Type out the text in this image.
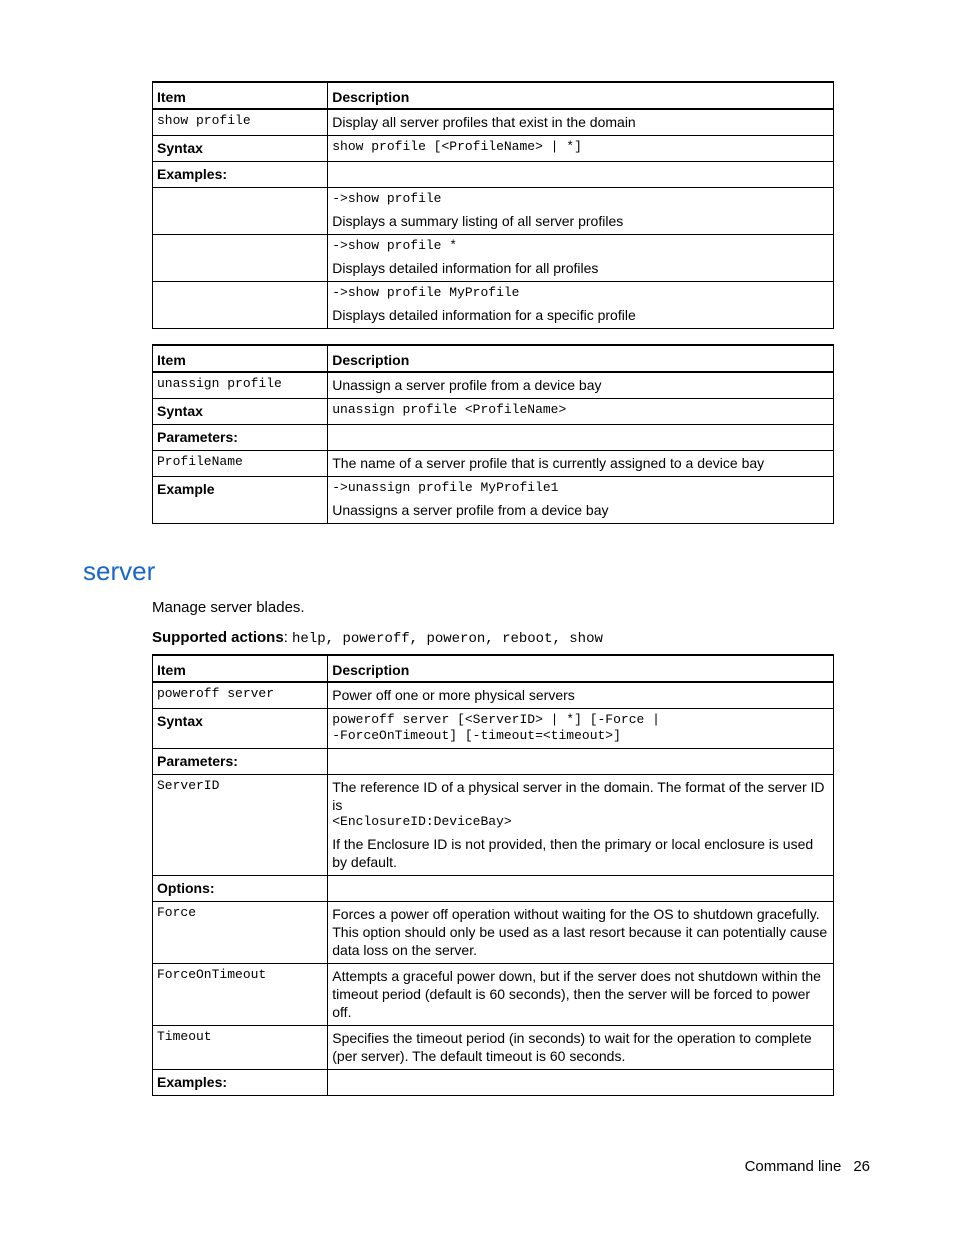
Item	Description
show profile	Display all server profiles that exist in the domain
Syntax	show profile [<ProfileName> | *]
Examples:	

	->show profile

Displays a summary listing of all server profiles

	->show profile *

Displays detailed information for all profiles

	->show profile MyProfile

Displays detailed information for a specific profile

Item	Description
unassign profile	Unassign a server profile from a device bay
Syntax	unassign profile <ProfileName>
Parameters:	
ProfileName	The name of a server profile that is currently assigned to a device bay
Example	->unassign profile MyProfile1

Unassigns a server profile from a device bay

server

Manage server blades.

Supported actions: help, poweroff, poweron, reboot, show

Item	Description
poweroff server	Power off one or more physical servers
Syntax	poweroff server [<ServerID> | *] [-Force |
-ForceOnTimeout] [-timeout=<timeout>]

Parameters:	
ServerID	The reference ID of a physical server in the domain. The format of the server ID is

<EnclosureID:DeviceBay>

If the Enclosure ID is not provided, then the primary or local enclosure is used by default.

Options:	
Force	Forces a power off operation without waiting for the OS to shutdown gracefully. This option should only be used as a last resort because it can potentially cause data loss on the server.
ForceOnTimeout	Attempts a graceful power down, but if the server does not shutdown within the timeout period (default is 60 seconds), then the server will be forced to power off.
Timeout	Specifies the timeout period (in seconds) to wait for the operation to complete (per server). The default timeout is 60 seconds.
Examples:	
Command line 26
